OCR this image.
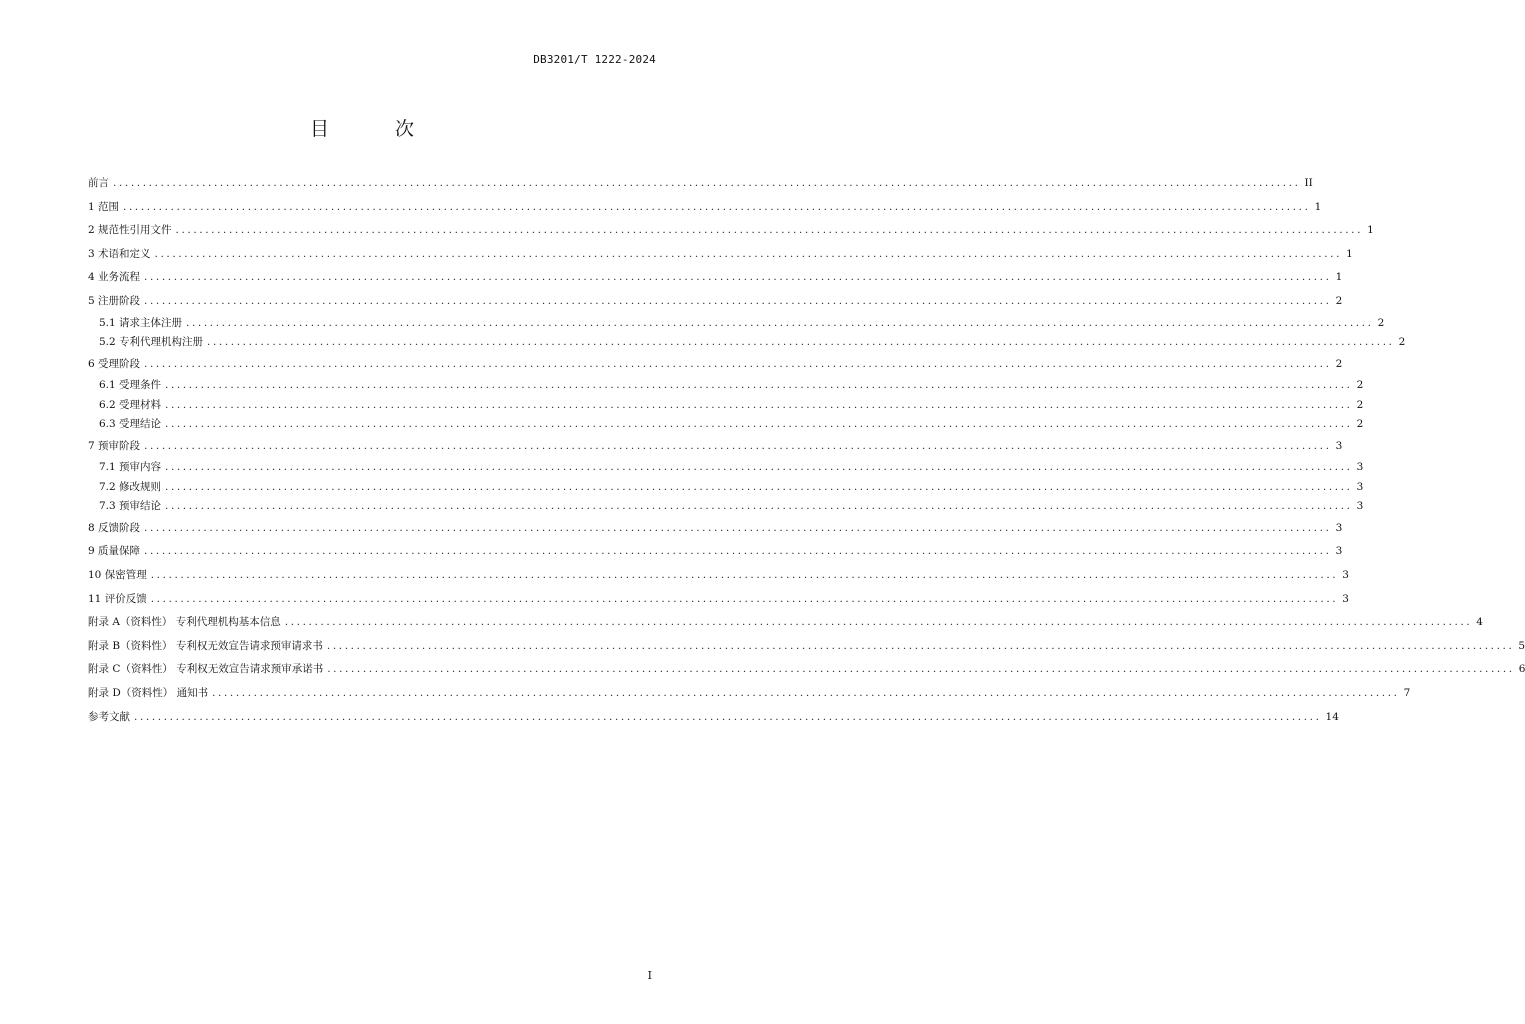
DB3201/T 1222-2024
目 次
前言 ........................................................................................................................................................................................................ II
1 范围 ........................................................................................................................................................................................................ 1
2 规范性引用文件 ........................................................................................................................................................................................................ 1
3 术语和定义 ........................................................................................................................................................................................................ 1
4 业务流程 ........................................................................................................................................................................................................ 1
5 注册阶段 ........................................................................................................................................................................................................ 2
5.1 请求主体注册 ........................................................................................................................................................................................................ 2
5.2 专利代理机构注册 ........................................................................................................................................................................................................ 2
6 受理阶段 ........................................................................................................................................................................................................ 2
6.1 受理条件 ........................................................................................................................................................................................................ 2
6.2 受理材料 ........................................................................................................................................................................................................ 2
6.3 受理结论 ........................................................................................................................................................................................................ 2
7 预审阶段 ........................................................................................................................................................................................................ 3
7.1 预审内容 ........................................................................................................................................................................................................ 3
7.2 修改规则 ........................................................................................................................................................................................................ 3
7.3 预审结论 ........................................................................................................................................................................................................ 3
8 反馈阶段 ........................................................................................................................................................................................................ 3
9 质量保障 ........................................................................................................................................................................................................ 3
10 保密管理 ........................................................................................................................................................................................................ 3
11 评价反馈 ........................................................................................................................................................................................................ 3
附录 A（资料性） 专利代理机构基本信息 ........................................................................................................................................................................................................ 4
附录 B（资料性） 专利权无效宣告请求预审请求书 ........................................................................................................................................................................................................ 5
附录 C（资料性） 专利权无效宣告请求预审承诺书 ........................................................................................................................................................................................................ 6
附录 D（资料性） 通知书 ........................................................................................................................................................................................................ 7
参考文献 ........................................................................................................................................................................................................ 14
I
